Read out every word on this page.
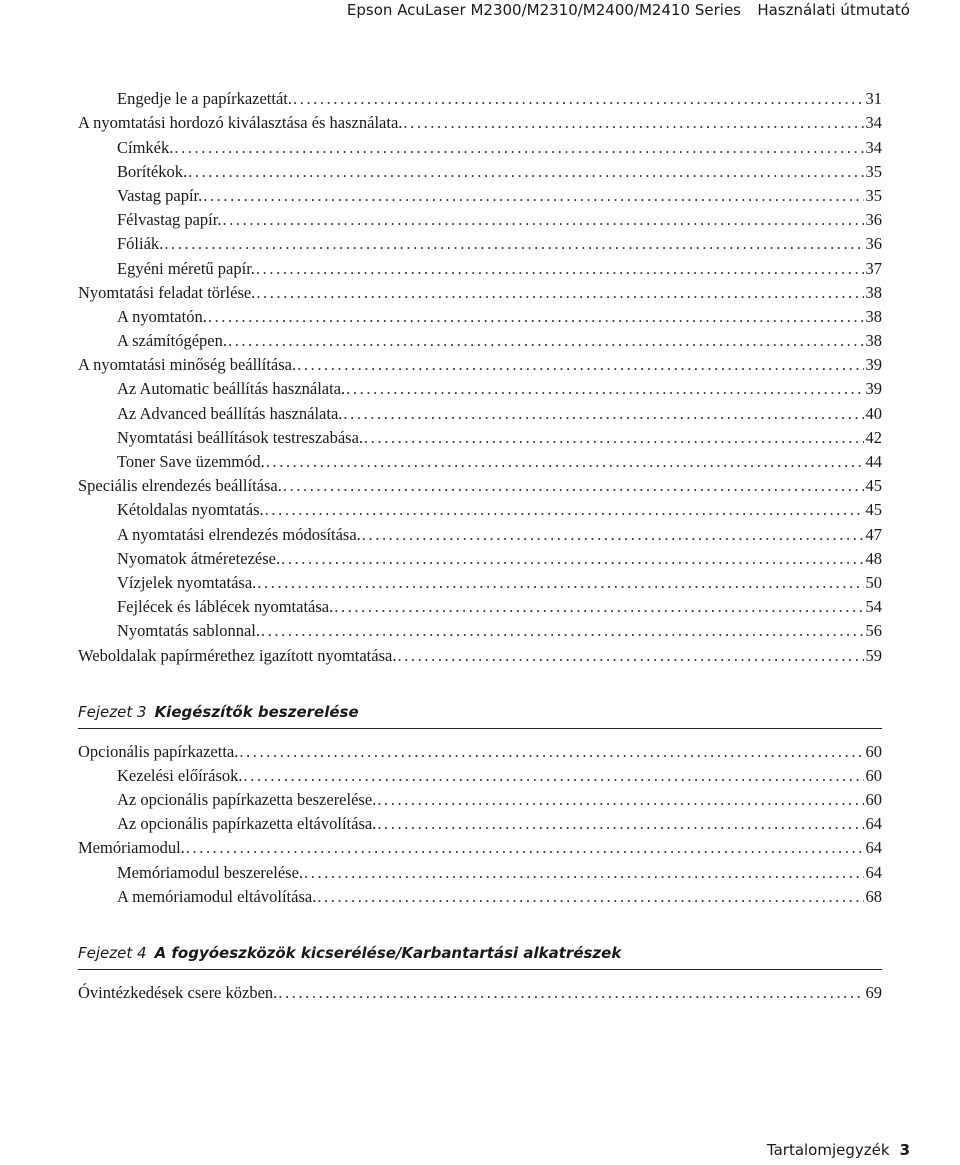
Epson AcuLaser M2300/M2310/M2400/M2410 Series Használati útmutató
Engedje le a papírkazettát. .....	31
A nyomtatási hordozó kiválasztása és használata. .....	34
Címkék. .....	34
Borítékok. .....	35
Vastag papír. .....	35
Félvastag papír. .....	36
Fóliák. .....	36
Egyéni méretű papír. .....	37
Nyomtatási feladat törlése. .....	38
A nyomtatón. .....	38
A számítógépen. .....	38
A nyomtatási minőség beállítása. .....	39
Az Automatic beállítás használata. .....	39
Az Advanced beállítás használata. .....	40
Nyomtatási beállítások testreszabása. .....	42
Toner Save üzemmód. .....	44
Speciális elrendezés beállítása. .....	45
Kétoldalas nyomtatás. .....	45
A nyomtatási elrendezés módosítása. .....	47
Nyomatok átméretezése. .....	48
Vízjelek nyomtatása. .....	50
Fejlécek és láblécek nyomtatása. .....	54
Nyomtatás sablonnal. .....	56
Weboldalak papírmérethez igazított nyomtatása. .....	59
Fejezet 3 Kiegészítők beszerelése
Opcionális papírkazetta. .....	60
Kezelési előírások. .....	60
Az opcionális papírkazetta beszerelése. .....	60
Az opcionális papírkazetta eltávolítása. .....	64
Memóriamodul. .....	64
Memóriamodul beszerelése. .....	64
A memóriamodul eltávolítása. .....	68
Fejezet 4 A fogyóeszközök kicserélése/Karbantartási alkatrészek
Óvintézkedések csere közben. .....	69
Tartalomjegyzék 3
